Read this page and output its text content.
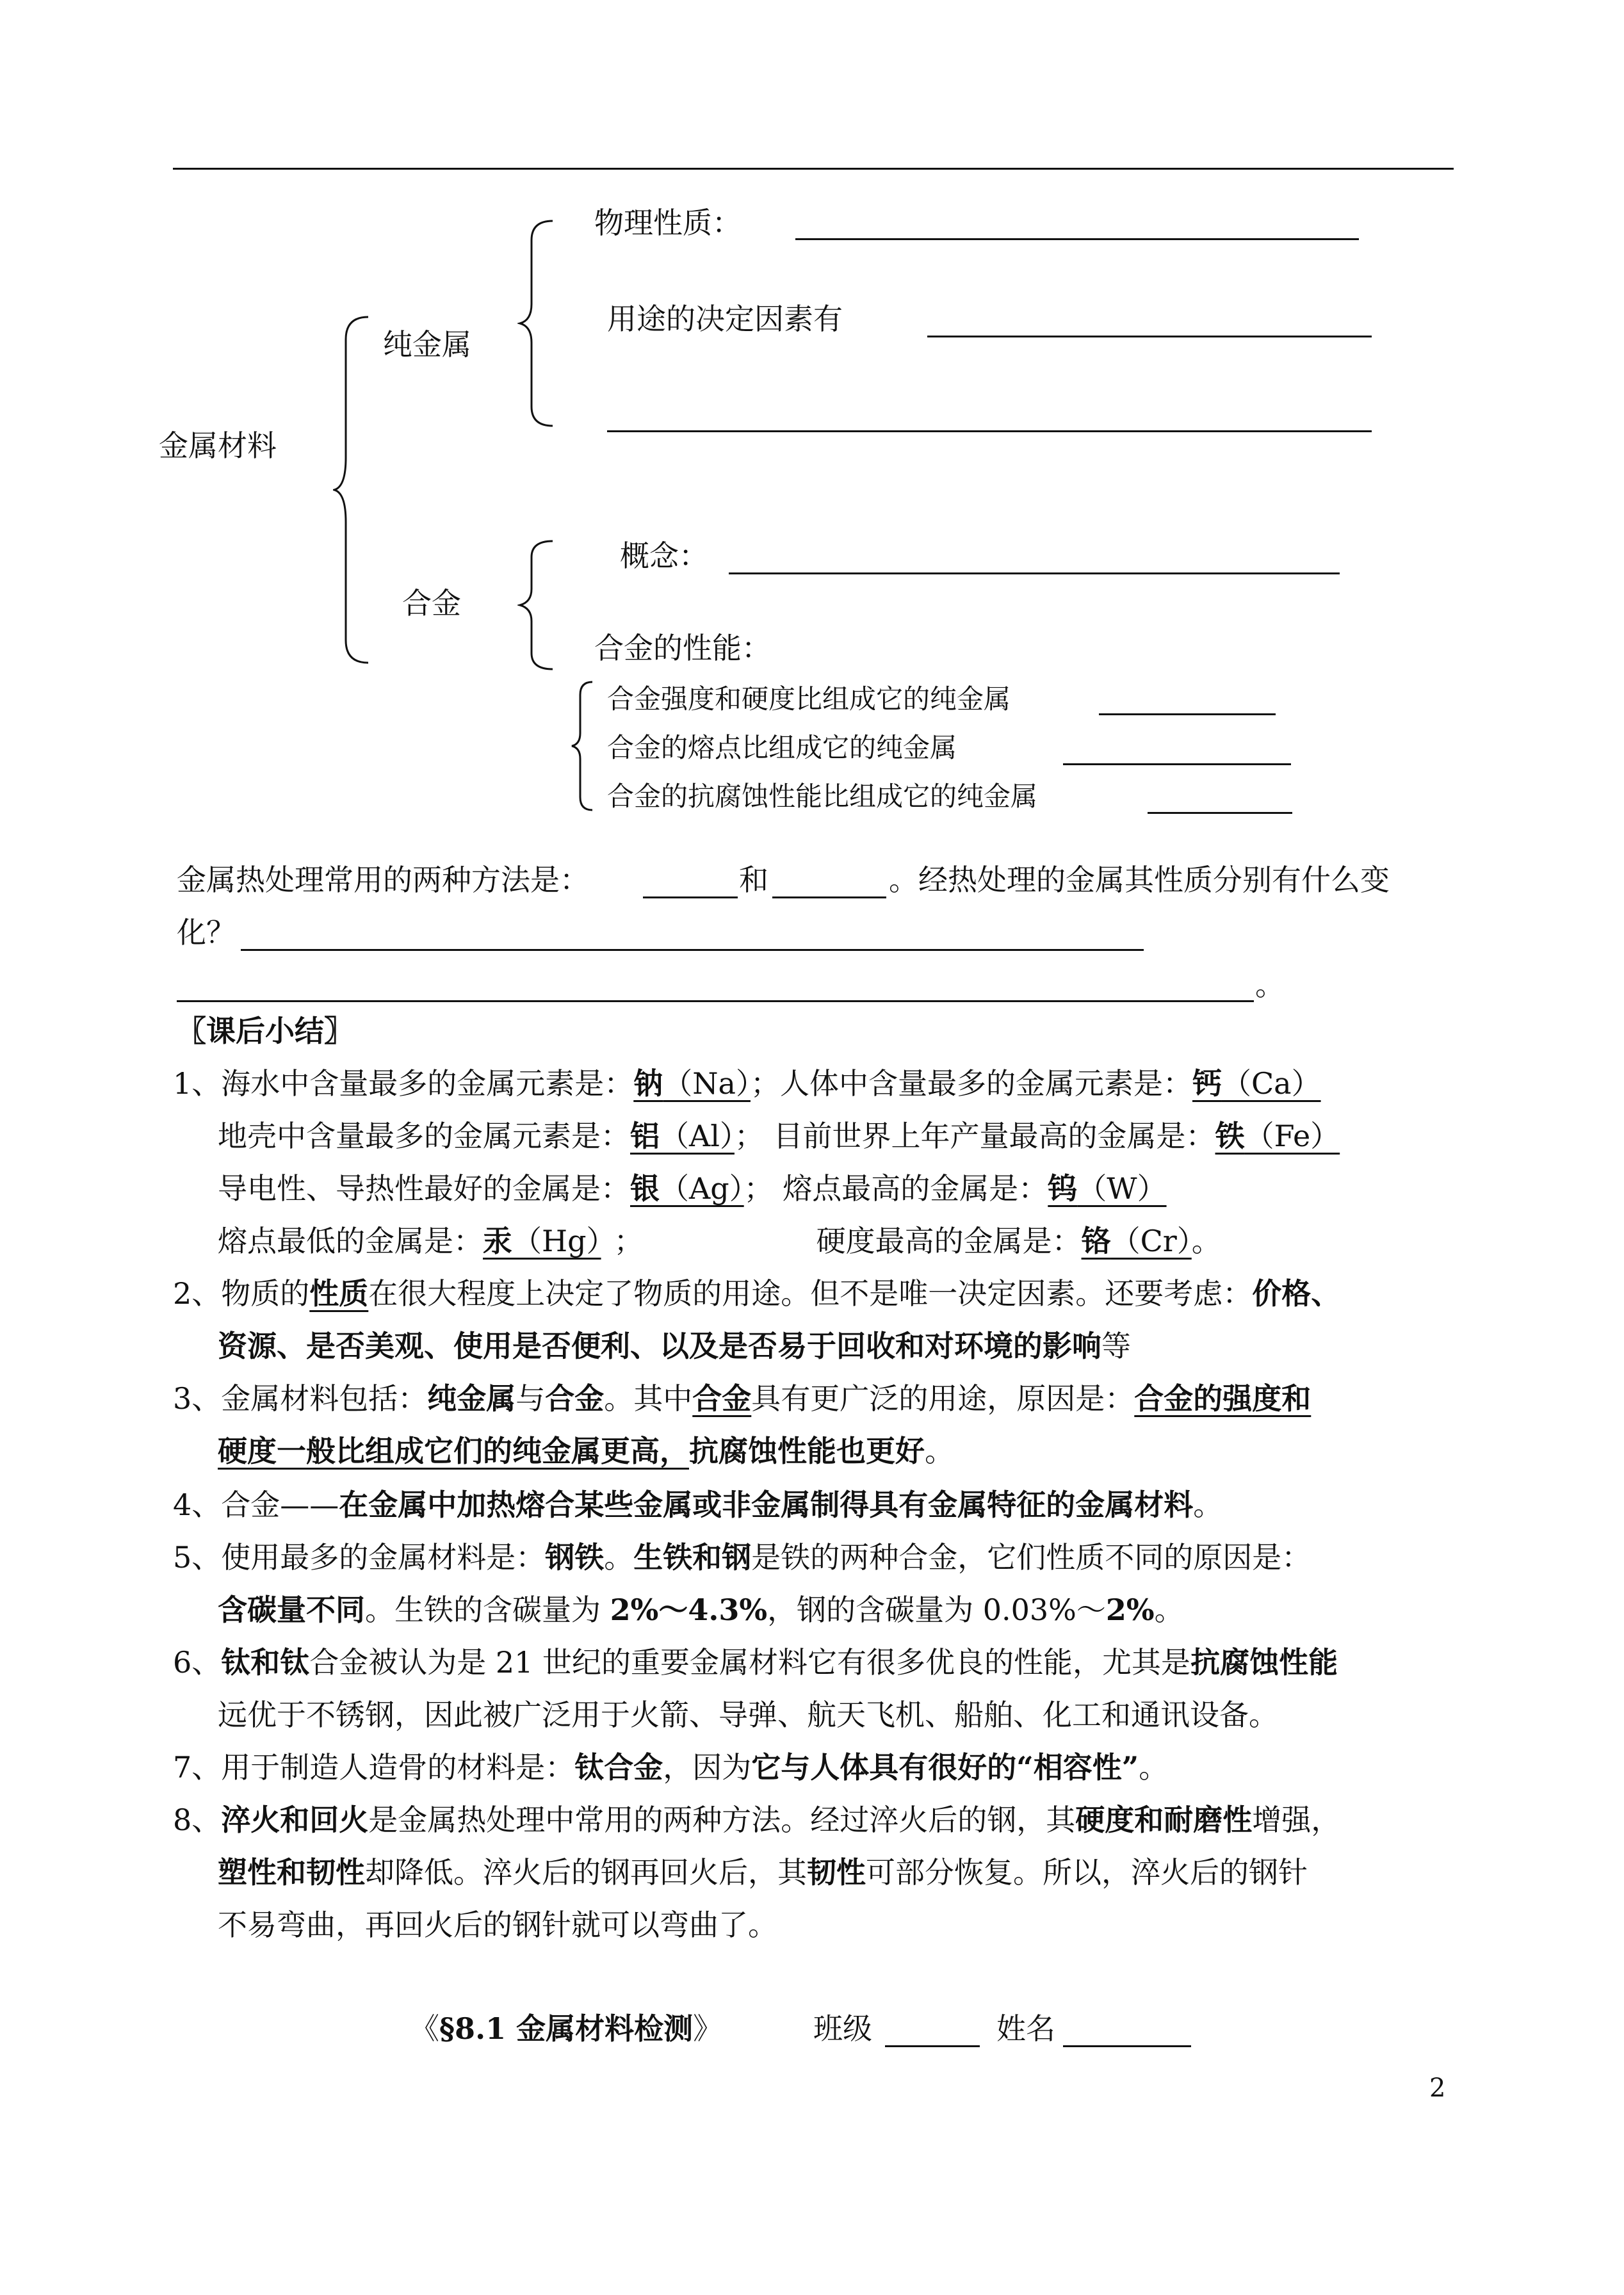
金属材料
纯金属
物理性质：
用途的决定因素有
合金
概念：
合金的性能：
合金强度和硬度比组成它的纯金属
合金的熔点比组成它的纯金属
合金的抗腐蚀性能比组成它的纯金属
金属热处理常用的两种方法是：	和	。经热处理的金属其性质分别有什么变
化？
。
〖课后小结〗
1、海水中含量最多的金属元素是：钠（Na）；人体中含量最多的金属元素是：钙（Ca）
地壳中含量最多的金属元素是：铝（Al）； 目前世界上年产量最高的金属是：铁（Fe）
导电性、导热性最好的金属是：银（Ag）； 熔点最高的金属是：钨（W）
熔点最低的金属是：汞（Hg） ；	硬度最高的金属是：铬（Cr）。
2、物质的性质在很大程度上决定了物质的用途。但不是唯一决定因素。还要考虑：价格、
资源、是否美观、使用是否便利、以及是否易于回收和对环境的影响等
3、金属材料包括：纯金属与合金。其中合金具有更广泛的用途，原因是：合金的强度和
硬度一般比组成它们的纯金属更高，抗腐蚀性能也更好。
4、合金——在金属中加热熔合某些金属或非金属制得具有金属特征的金属材料。
5、使用最多的金属材料是：钢铁。生铁和钢是铁的两种合金，它们性质不同的原因是：
含碳量不同。生铁的含碳量为 2%～4.3%，钢的含碳量为 0.03%～2%。
6、钛和钛合金被认为是 21 世纪的重要金属材料它有很多优良的性能，尤其是抗腐蚀性能
远优于不锈钢，因此被广泛用于火箭、导弹、航天飞机、船舶、化工和通讯设备。
7、用于制造人造骨的材料是：钛合金，因为它与人体具有很好的“相容性”。
8、淬火和回火是金属热处理中常用的两种方法。经过淬火后的钢，其硬度和耐磨性增强，
塑性和韧性却降低。淬火后的钢再回火后，其韧性可部分恢复。所以，淬火后的钢针
不易弯曲，再回火后的钢针就可以弯曲了。
《§8.1 金属材料检测》	班级	姓名
2
